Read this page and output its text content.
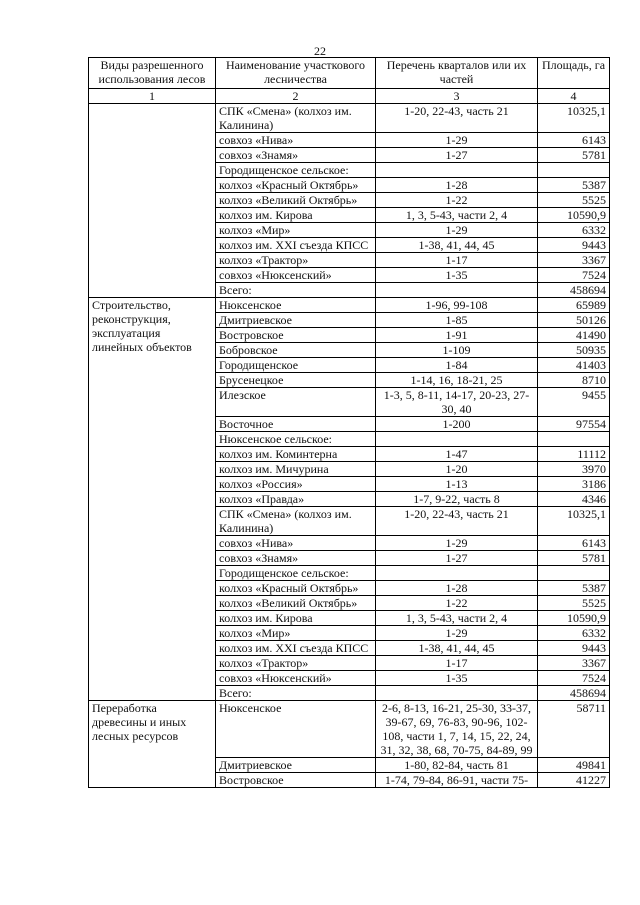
22
Виды разрешенного использования лесов	Наименование участкового лесничества	Перечень кварталов или их частей	Площадь, га
1	2	3	4
	СПК «Смена» (колхоз им. Калинина)	1-20, 22-43, часть 21	10325,1
	совхоз «Нива»	1-29	6143
	совхоз «Знамя»	1-27	5781
	Городищенское сельское:		
	колхоз «Красный Октябрь»	1-28	5387
	колхоз «Великий Октябрь»	1-22	5525
	колхоз им. Кирова	1, 3, 5-43, части 2, 4	10590,9
	колхоз «Мир»	1-29	6332
	колхоз им. XXI съезда КПСС	1-38, 41, 44, 45	9443
	колхоз «Трактор»	1-17	3367
	совхоз «Нюксенский»	1-35	7524
	Всего:		458694
Строительство, реконструкция, эксплуатация линейных объектов	Нюксенское	1-96, 99-108	65989
	Дмитриевское	1-85	50126
	Востровское	1-91	41490
	Бобровское	1-109	50935
	Городищенское	1-84	41403
	Брусенецкое	1-14, 16, 18-21, 25	8710
	Илезское	1-3, 5, 8-11, 14-17, 20-23, 27-30, 40	9455
	Восточное	1-200	97554
	Нюксенское сельское:		
	колхоз им. Коминтерна	1-47	11112
	колхоз им. Мичурина	1-20	3970
	колхоз «Россия»	1-13	3186
	колхоз «Правда»	1-7, 9-22, часть 8	4346
	СПК «Смена» (колхоз им. Калинина)	1-20, 22-43, часть 21	10325,1
	совхоз «Нива»	1-29	6143
	совхоз «Знамя»	1-27	5781
	Городищенское сельское:		
	колхоз «Красный Октябрь»	1-28	5387
	колхоз «Великий Октябрь»	1-22	5525
	колхоз им. Кирова	1, 3, 5-43, части 2, 4	10590,9
	колхоз «Мир»	1-29	6332
	колхоз им. XXI съезда КПСС	1-38, 41, 44, 45	9443
	колхоз «Трактор»	1-17	3367
	совхоз «Нюксенский»	1-35	7524
	Всего:		458694
Переработка древесины и иных лесных ресурсов	Нюксенское	2-6, 8-13, 16-21, 25-30, 33-37, 39-67, 69, 76-83, 90-96, 102-108, части 1, 7, 14, 15, 22, 24, 31, 32, 38, 68, 70-75, 84-89, 99	58711
	Дмитриевское	1-80, 82-84, часть 81	49841
	Востровское	1-74, 79-84, 86-91, части 75-	41227
